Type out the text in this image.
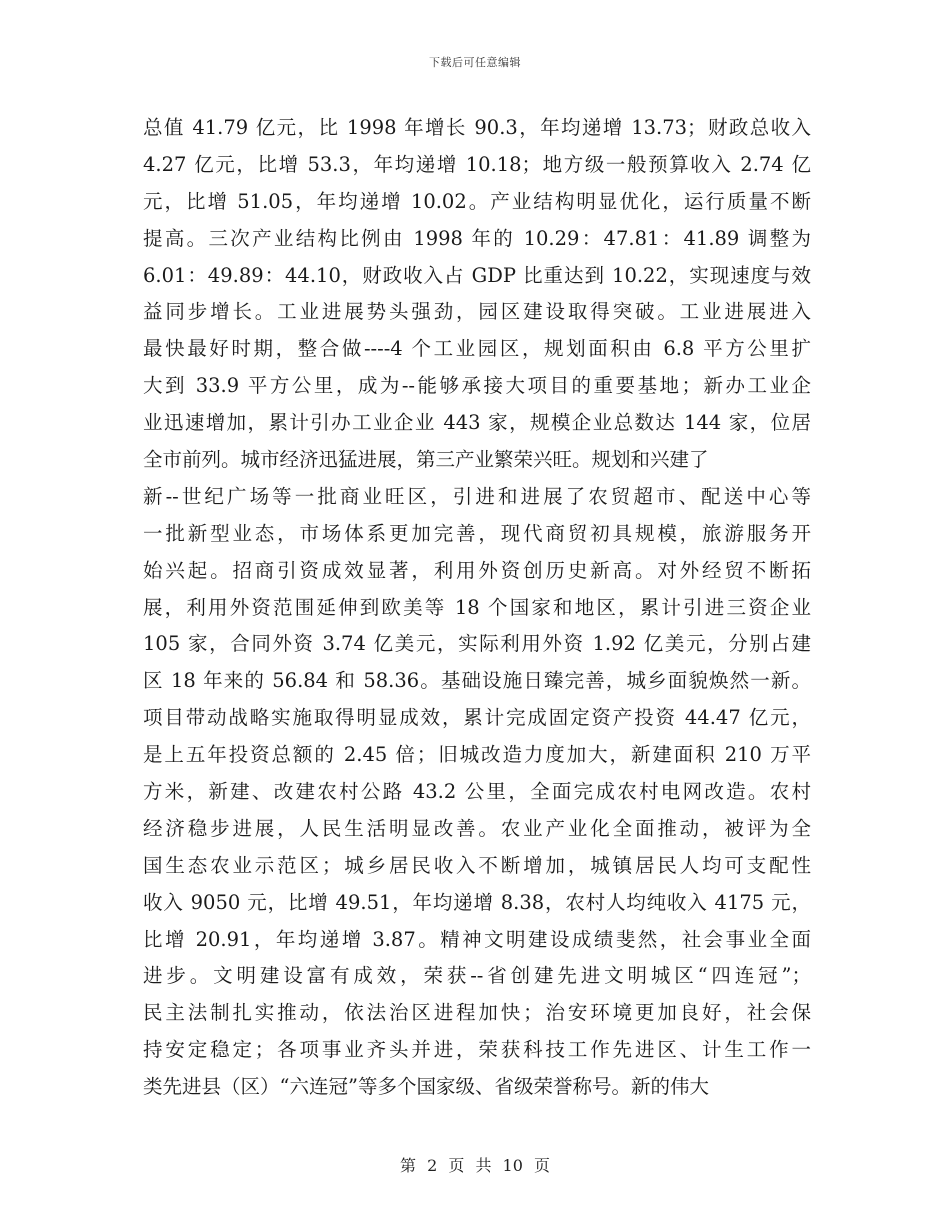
下载后可任意编辑
总值 41.79 亿元，比 1998 年增长 90.3，年均递增 13.73；财政总收入
4.27 亿元，比增 53.3，年均递增 10.18；地方级一般预算收入 2.74 亿
元，比增 51.05，年均递增 10.02。产业结构明显优化，运行质量不断
提高。三次产业结构比例由 1998 年的 10.29：47.81：41.89 调整为
6.01：49.89：44.10，财政收入占 GDP 比重达到 10.22，实现速度与效
益同步增长。工业进展势头强劲，园区建设取得突破。工业进展进入
最快最好时期，整合做----4 个工业园区，规划面积由 6.8 平方公里扩
大到 33.9 平方公里，成为--能够承接大项目的重要基地；新办工业企
业迅速增加，累计引办工业企业 443 家，规模企业总数达 144 家，位居
全市前列。城市经济迅猛进展，第三产业繁荣兴旺。规划和兴建了
新--世纪广场等一批商业旺区，引进和进展了农贸超市、配送中心等
一批新型业态，市场体系更加完善，现代商贸初具规模，旅游服务开
始兴起。招商引资成效显著，利用外资创历史新高。对外经贸不断拓
展，利用外资范围延伸到欧美等 18 个国家和地区，累计引进三资企业
105 家，合同外资 3.74 亿美元，实际利用外资 1.92 亿美元，分别占建
区 18 年来的 56.84 和 58.36。基础设施日臻完善，城乡面貌焕然一新。
项目带动战略实施取得明显成效，累计完成固定资产投资 44.47 亿元，
是上五年投资总额的 2.45 倍；旧城改造力度加大，新建面积 210 万平
方米，新建、改建农村公路 43.2 公里，全面完成农村电网改造。农村
经济稳步进展，人民生活明显改善。农业产业化全面推动，被评为全
国生态农业示范区；城乡居民收入不断增加，城镇居民人均可支配性
收入 9050 元，比增 49.51，年均递增 8.38，农村人均纯收入 4175 元，
比增 20.91，年均递增 3.87。精神文明建设成绩斐然，社会事业全面
进步。文明建设富有成效，荣获--省创建先进文明城区“四连冠”；
民主法制扎实推动，依法治区进程加快；治安环境更加良好，社会保
持安定稳定；各项事业齐头并进，荣获科技工作先进区、计生工作一
类先进县（区）“六连冠”等多个国家级、省级荣誉称号。新的伟大
第 2 页 共 10 页
